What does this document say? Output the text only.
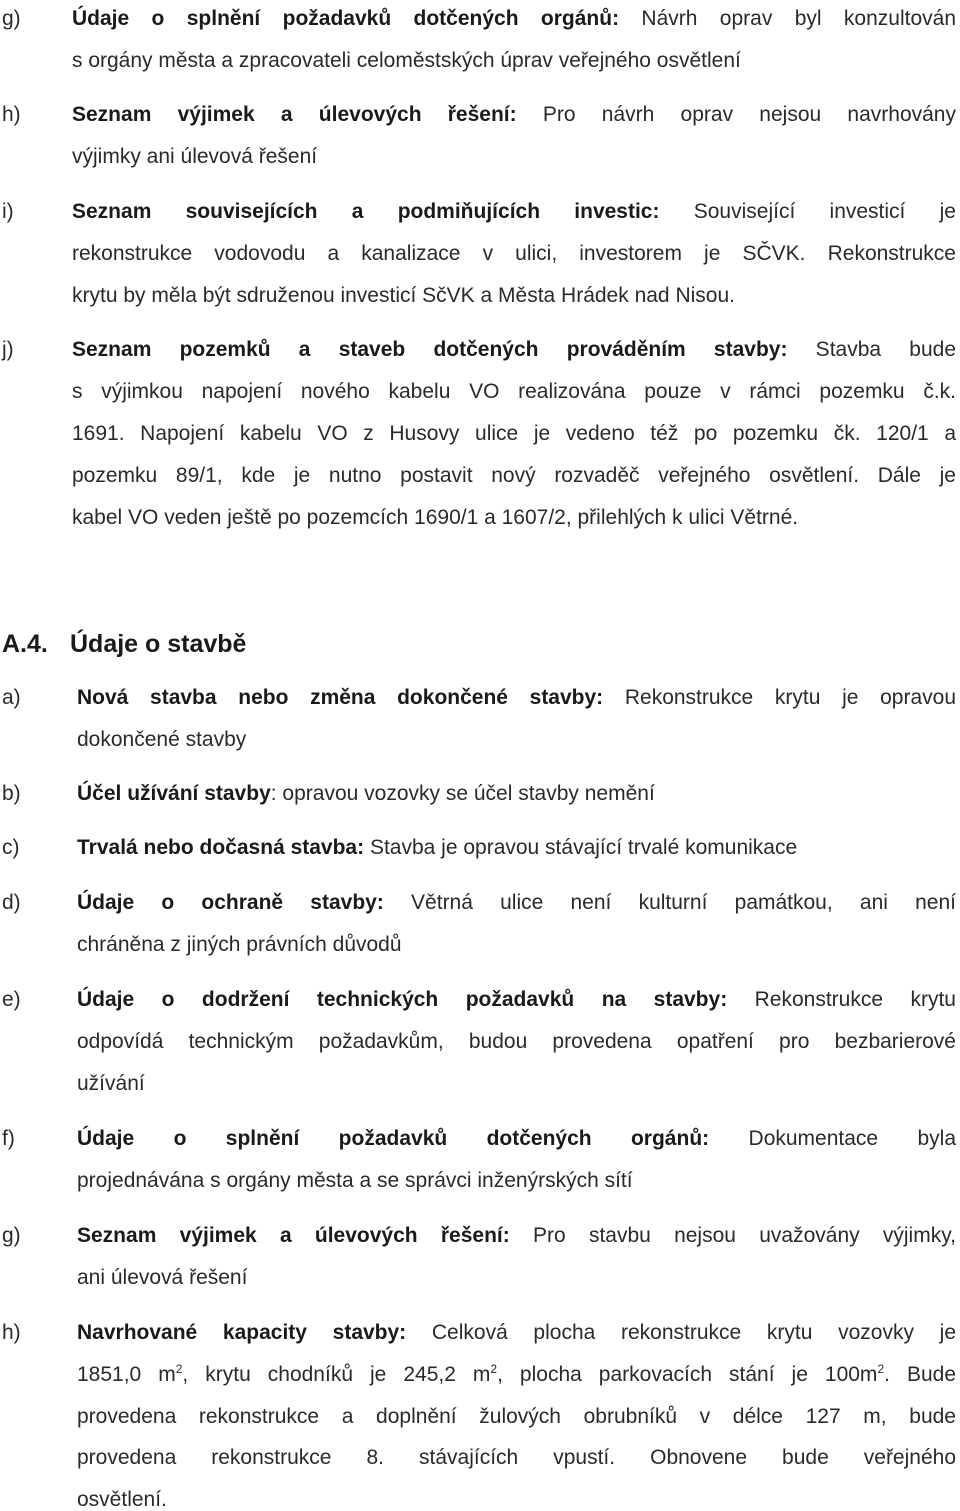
g) Údaje o splnění požadavků dotčených orgánů: Návrh oprav byl konzultován
s orgány města a zpracovateli celoměstských úprav veřejného osvětlení
h) Seznam výjimek a úlevových řešení: Pro návrh oprav nejsou navrhovány
výjimky ani úlevová řešení
i)	Seznam souvisejících a podmiňujících investic: Související investicí je
rekonstrukce vodovodu a kanalizace v ulici, investorem je SČVK. Rekonstrukce
krytu by měla být sdruženou investicí SčVK a Města Hrádek nad Nisou.
j)	Seznam pozemků a staveb dotčených prováděním stavby: Stavba bude
s výjimkou napojení nového kabelu VO realizována pouze v rámci pozemku č.k.
1691. Napojení kabelu VO z Husovy ulice je vedeno též po pozemku čk. 120/1 a
pozemku 89/1, kde je nutno postavit nový rozvaděč veřejného osvětlení. Dále je
kabel VO veden ještě po pozemcích 1690/1 a 1607/2, přilehlých k ulici Větrné.
A.4. Údaje o stavbě
a)	Nová stavba nebo změna dokončené stavby: Rekonstrukce krytu je opravou
dokončené stavby
b)	Účel užívání stavby: opravou vozovky se účel stavby nemění
c)	Trvalá nebo dočasná stavba: Stavba je opravou stávající trvalé komunikace
d)	Údaje o ochraně stavby: Větrná ulice není kulturní památkou, ani není
chráněna z jiných právních důvodů
e)	Údaje o dodržení technických požadavků na stavby: Rekonstrukce krytu
odpovídá technickým požadavkům, budou provedena opatření pro bezbarierové
užívání
f)	Údaje o splnění požadavků dotčených orgánů: Dokumentace byla
projednávána s orgány města a se správci inženýrských sítí
g)	Seznam výjimek a úlevových řešení: Pro stavbu nejsou uvažovány výjimky,
ani úlevová řešení
h)	Navrhované kapacity stavby: Celková plocha rekonstrukce krytu vozovky je
1851,0 $m^2$, krytu chodníků je 245,2 $m^2$, plocha parkovacích stání je $100m^2$. Bude
provedena rekonstrukce a doplnění žulových obrubníků v délce 127 m, bude
provedena rekonstrukce 8. stávajících vpustí. Obnovene bude veřejného
osvětlení.
